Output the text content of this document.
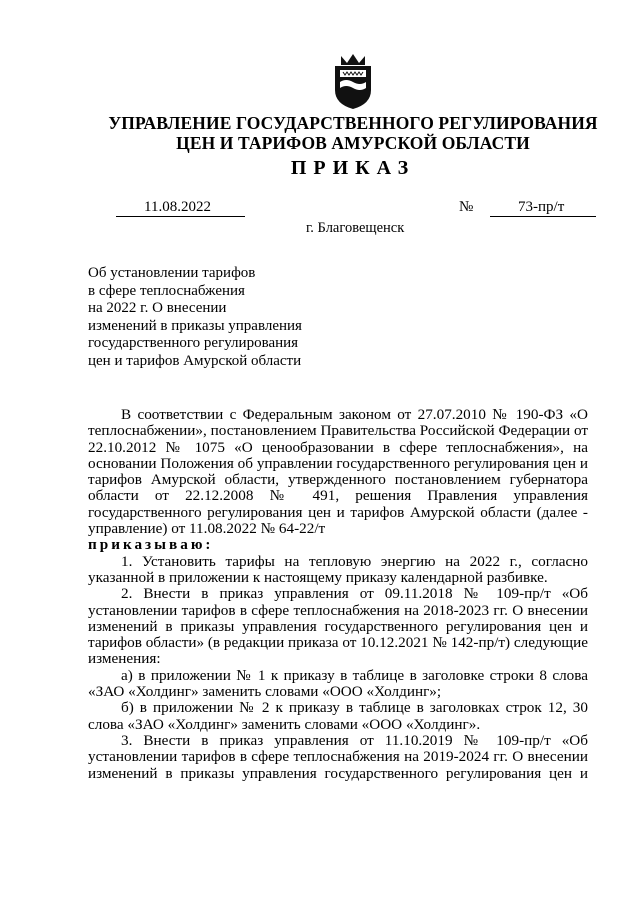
УПРАВЛЕНИЕ ГОСУДАРСТВЕННОГО РЕГУЛИРОВАНИЯ
ЦЕН И ТАРИФОВ АМУРСКОЙ ОБЛАСТИ
ПРИКАЗ
11.08.2022	№	73-пр/т
г. Благовещенск
Об установлении тарифов
в сфере теплоснабжения
на 2022 г. О внесении
изменений в приказы управления
государственного регулирования
цен и тарифов Амурской области
В соответствии с Федеральным законом от 27.07.2010 № 190-ФЗ «О
теплоснабжении», постановлением Правительства Российской Федерации от
22.10.2012 № 1075 «О ценообразовании в сфере теплоснабжения», на
основании Положения об управлении государственного регулирования цен и
тарифов Амурской области, утвержденного постановлением губернатора
области от 22.12.2008 № 491, решения Правления управления
государственного регулирования цен и тарифов Амурской области (далее -
управление) от 11.08.2022 № 64-22/т
приказываю:
1. Установить тарифы на тепловую энергию на 2022 г., согласно
указанной в приложении к настоящему приказу календарной разбивке.
2. Внести в приказ управления от 09.11.2018 № 109-пр/т «Об
установлении тарифов в сфере теплоснабжения на 2018-2023 гг. О внесении
изменений в приказы управления государственного регулирования цен и
тарифов области» (в редакции приказа от 10.12.2021 № 142-пр/т) следующие
изменения:
а) в приложении № 1 к приказу в таблице в заголовке строки 8 слова
«ЗАО «Холдинг» заменить словами «ООО «Холдинг»;
б) в приложении № 2 к приказу в таблице в заголовках строк 12, 30
слова «ЗАО «Холдинг» заменить словами «ООО «Холдинг».
3. Внести в приказ управления от 11.10.2019 № 109-пр/т «Об
установлении тарифов в сфере теплоснабжения на 2019-2024 гг. О внесении
изменений в приказы управления государственного регулирования цен и
